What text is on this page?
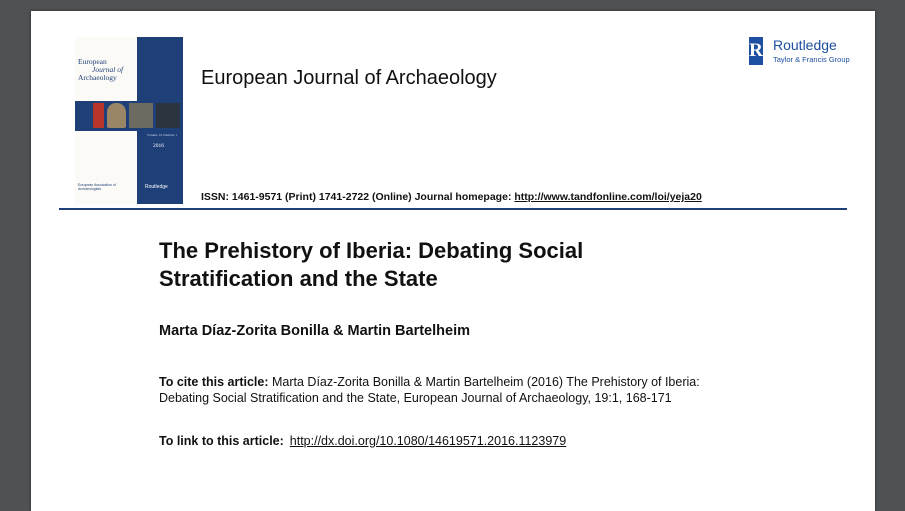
European
Journal of
Archaeology
Volume 19 Number 1
2016
European Association of Archaeologists	Routledge
European Journal of Archaeology
R Routledge
Taylor & Francis Group
ISSN: 1461-9571 (Print) 1741-2722 (Online) Journal homepage: http://www.tandfonline.com/loi/yeja20
The Prehistory of Iberia: Debating Social Stratification and the State
Marta Díaz-Zorita Bonilla & Martin Bartelheim
To cite this article: Marta Díaz-Zorita Bonilla & Martin Bartelheim (2016) The Prehistory of Iberia: Debating Social Stratification and the State, European Journal of Archaeology, 19:1, 168-171
To link to this article: http://dx.doi.org/10.1080/14619571.2016.1123979
